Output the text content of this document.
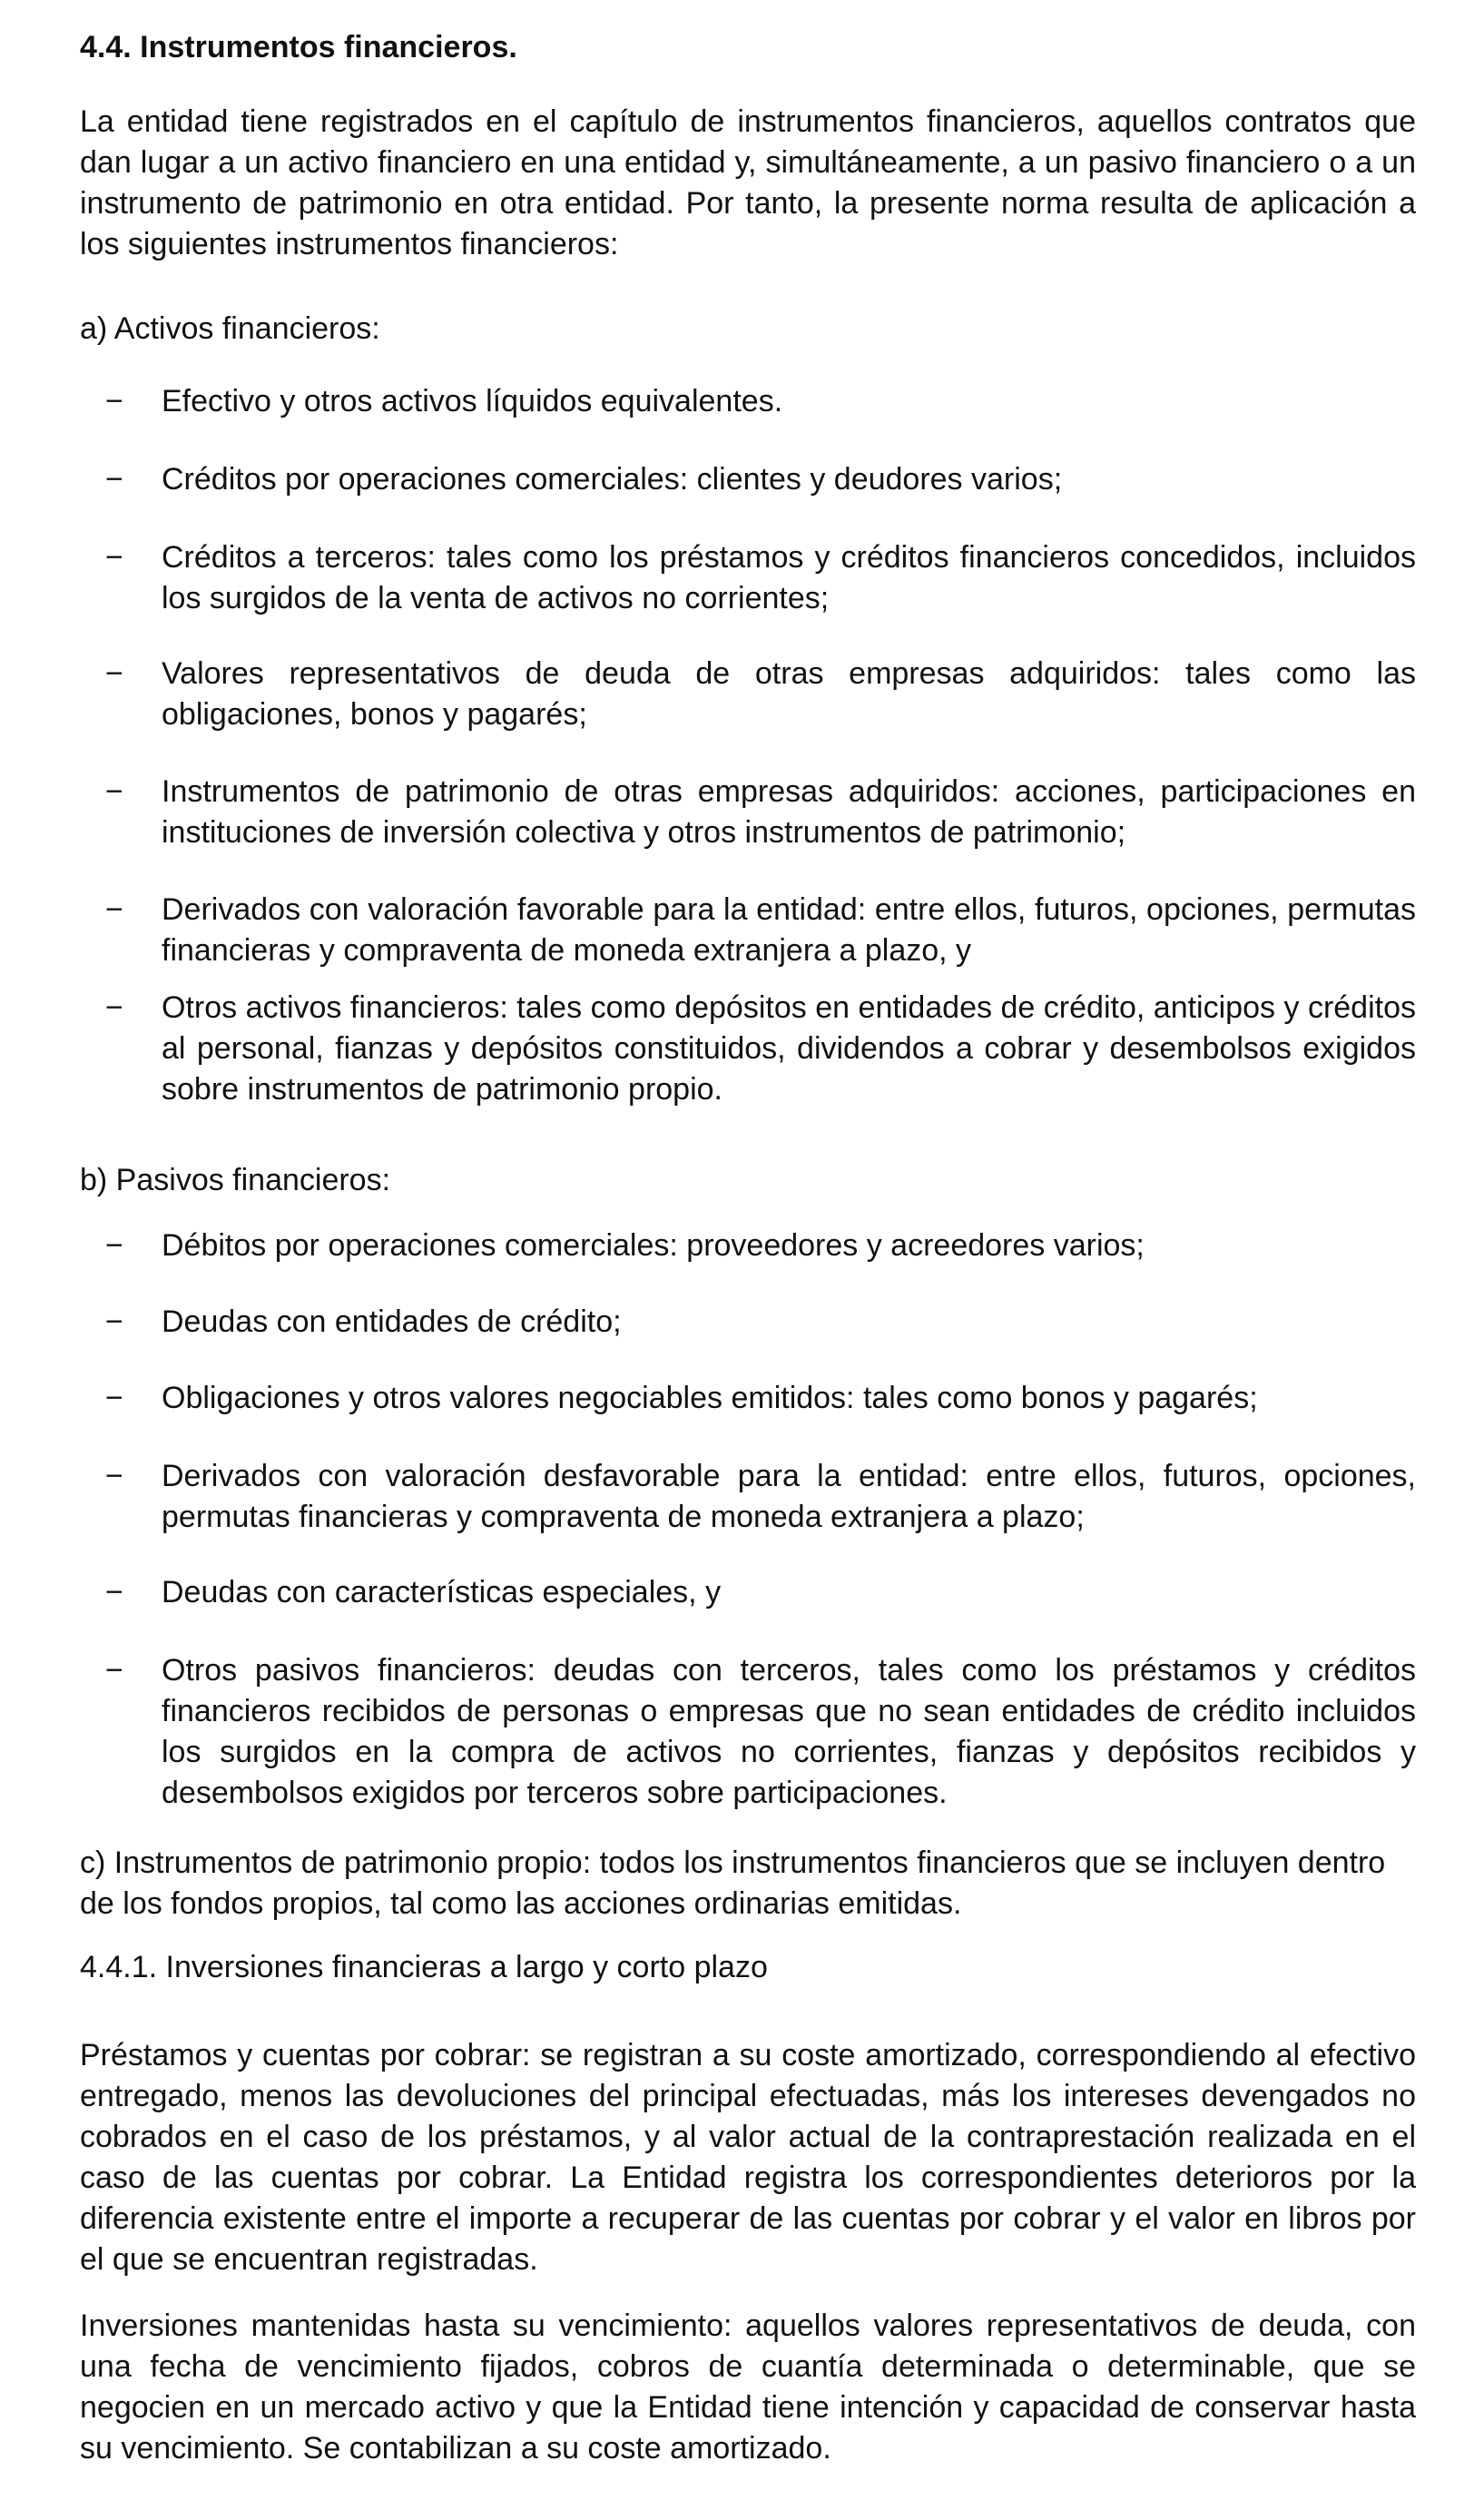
4.4. Instrumentos financieros.

La entidad tiene registrados en el capítulo de instrumentos financieros, aquellos contratos que dan lugar a un activo financiero en una entidad y, simultáneamente, a un pasivo financiero o a un instrumento de patrimonio en otra entidad. Por tanto, la presente norma resulta de aplicación a los siguientes instrumentos financieros:

a) Activos financieros:

− Efectivo y otros activos líquidos equivalentes.
− Créditos por operaciones comerciales: clientes y deudores varios;
− Créditos a terceros: tales como los préstamos y créditos financieros concedidos, incluidos los surgidos de la venta de activos no corrientes;
− Valores representativos de deuda de otras empresas adquiridos: tales como las obligaciones, bonos y pagarés;
− Instrumentos de patrimonio de otras empresas adquiridos: acciones, participaciones en instituciones de inversión colectiva y otros instrumentos de patrimonio;
− Derivados con valoración favorable para la entidad: entre ellos, futuros, opciones, permutas financieras y compraventa de moneda extranjera a plazo, y
− Otros activos financieros: tales como depósitos en entidades de crédito, anticipos y créditos al personal, fianzas y depósitos constituidos, dividendos a cobrar y desembolsos exigidos sobre instrumentos de patrimonio propio.

b) Pasivos financieros:

− Débitos por operaciones comerciales: proveedores y acreedores varios;
− Deudas con entidades de crédito;
− Obligaciones y otros valores negociables emitidos: tales como bonos y pagarés;
− Derivados con valoración desfavorable para la entidad: entre ellos, futuros, opciones, permutas financieras y compraventa de moneda extranjera a plazo;
− Deudas con características especiales, y
− Otros pasivos financieros: deudas con terceros, tales como los préstamos y créditos financieros recibidos de personas o empresas que no sean entidades de crédito incluidos los surgidos en la compra de activos no corrientes, fianzas y depósitos recibidos y desembolsos exigidos por terceros sobre participaciones.

c) Instrumentos de patrimonio propio: todos los instrumentos financieros que se incluyen dentro de los fondos propios, tal como las acciones ordinarias emitidas.

4.4.1. Inversiones financieras a largo y corto plazo

Préstamos y cuentas por cobrar: se registran a su coste amortizado, correspondiendo al efectivo entregado, menos las devoluciones del principal efectuadas, más los intereses devengados no cobrados en el caso de los préstamos, y al valor actual de la contraprestación realizada en el caso de las cuentas por cobrar. La Entidad registra los correspondientes deterioros por la diferencia existente entre el importe a recuperar de las cuentas por cobrar y el valor en libros por el que se encuentran registradas.

Inversiones mantenidas hasta su vencimiento: aquellos valores representativos de deuda, con una fecha de vencimiento fijados, cobros de cuantía determinada o determinable, que se negocien en un mercado activo y que la Entidad tiene intención y capacidad de conservar hasta su vencimiento. Se contabilizan a su coste amortizado.
